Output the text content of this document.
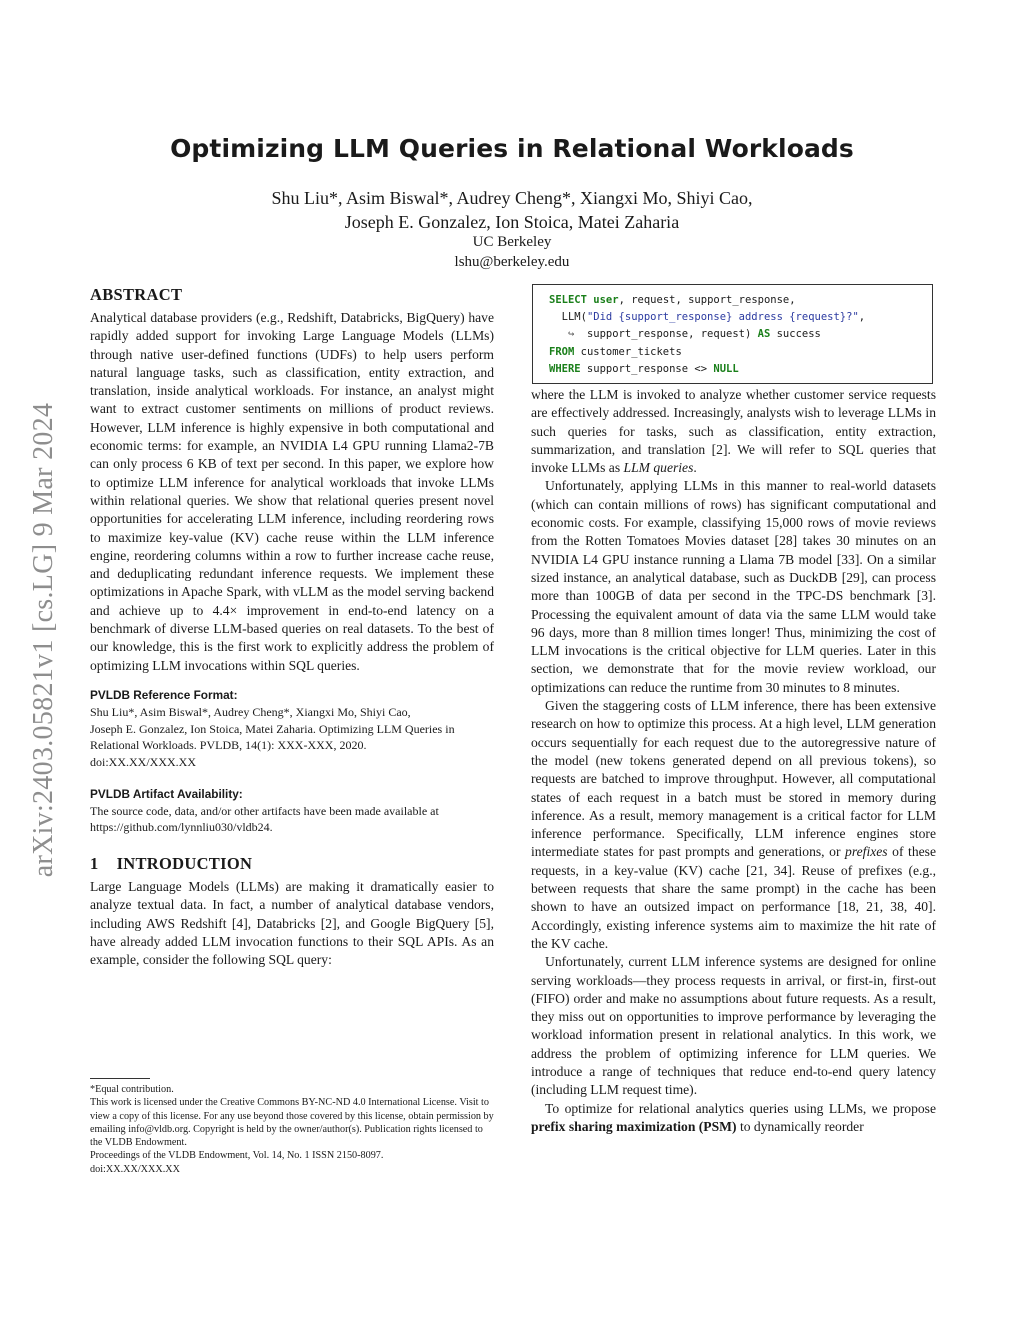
arXiv:2403.05821v1 [cs.LG] 9 Mar 2024
Optimizing LLM Queries in Relational Workloads
Shu Liu*, Asim Biswal*, Audrey Cheng*, Xiangxi Mo, Shiyi Cao,
Joseph E. Gonzalez, Ion Stoica, Matei Zaharia
UC Berkeley
lshu@berkeley.edu
ABSTRACT

Analytical database providers (e.g., Redshift, Databricks, BigQuery) have rapidly added support for invoking Large Language Models (LLMs) through native user-defined functions (UDFs) to help users perform natural language tasks, such as classification, entity extraction, and translation, inside analytical workloads. For instance, an analyst might want to extract customer sentiments on millions of product reviews. However, LLM inference is highly expensive in both computational and economic terms: for example, an NVIDIA L4 GPU running Llama2-7B can only process 6 KB of text per second. In this paper, we explore how to optimize LLM inference for analytical workloads that invoke LLMs within relational queries. We show that relational queries present novel opportunities for accelerating LLM inference, including reordering rows to maximize key-value (KV) cache reuse within the LLM inference engine, reordering columns within a row to further increase cache reuse, and deduplicating redundant inference requests. We implement these optimizations in Apache Spark, with vLLM as the model serving backend and achieve up to 4.4× improvement in end-to-end latency on a benchmark of diverse LLM-based queries on real datasets. To the best of our knowledge, this is the first work to explicitly address the problem of optimizing LLM invocations within SQL queries.

PVLDB Reference Format:

Shu Liu*, Asim Biswal*, Audrey Cheng*, Xiangxi Mo, Shiyi Cao,
Joseph E. Gonzalez, Ion Stoica, Matei Zaharia. Optimizing LLM Queries in
Relational Workloads. PVLDB, 14(1): XXX-XXX, 2020.
doi:XX.XX/XXX.XX

PVLDB Artifact Availability:

The source code, data, and/or other artifacts have been made available at
https://github.com/lynnliu030/vldb24.

1 INTRODUCTION

Large Language Models (LLMs) are making it dramatically easier to analyze textual data. In fact, a number of analytical database vendors, including AWS Redshift [4], Databricks [2], and Google BigQuery [5], have already added LLM invocation functions to their SQL APIs. As an example, consider the following SQL query:

*Equal contribution.
This work is licensed under the Creative Commons BY-NC-ND 4.0 International License. Visit to view a copy of this license. For any use beyond those covered by this license, obtain permission by emailing info@vldb.org. Copyright is held by the owner/author(s). Publication rights licensed to the VLDB Endowment.
Proceedings of the VLDB Endowment, Vol. 14, No. 1 ISSN 2150-8097.
doi:XX.XX/XXX.XX
SELECT user, request, support_response,
LLM("Did {support_response} address {request}?",
↪  support_response, request) AS success
FROM customer_tickets
WHERE support_response <> NULL

where the LLM is invoked to analyze whether customer service requests are effectively addressed. Increasingly, analysts wish to leverage LLMs in such queries for tasks, such as classification, entity extraction, summarization, and translation [2]. We will refer to SQL queries that invoke LLMs as LLM queries.

Unfortunately, applying LLMs in this manner to real-world datasets (which can contain millions of rows) has significant computational and economic costs. For example, classifying 15,000 rows of movie reviews from the Rotten Tomatoes Movies dataset [28] takes 30 minutes on an NVIDIA L4 GPU instance running a Llama 7B model [33]. On a similar sized instance, an analytical database, such as DuckDB [29], can process more than 100GB of data per second in the TPC-DS benchmark [3]. Processing the equivalent amount of data via the same LLM would take 96 days, more than 8 million times longer! Thus, minimizing the cost of LLM invocations is the critical objective for LLM queries. Later in this section, we demonstrate that for the movie review workload, our optimizations can reduce the runtime from 30 minutes to 8 minutes.

Given the staggering costs of LLM inference, there has been extensive research on how to optimize this process. At a high level, LLM generation occurs sequentially for each request due to the autoregressive nature of the model (new tokens generated depend on all previous tokens), so requests are batched to improve throughput. However, all computational states of each request in a batch must be stored in memory during inference. As a result, memory management is a critical factor for LLM inference performance. Specifically, LLM inference engines store intermediate states for past prompts and generations, or prefixes of these requests, in a key-value (KV) cache [21, 34]. Reuse of prefixes (e.g., between requests that share the same prompt) in the cache has been shown to have an outsized impact on performance [18, 21, 38, 40]. Accordingly, existing inference systems aim to maximize the hit rate of the KV cache.

Unfortunately, current LLM inference systems are designed for online serving workloads—they process requests in arrival, or first-in, first-out (FIFO) order and make no assumptions about future requests. As a result, they miss out on opportunities to improve performance by leveraging the workload information present in relational analytics. In this work, we address the problem of optimizing inference for LLM queries. We introduce a range of techniques that reduce end-to-end query latency (including LLM request time).

To optimize for relational analytics queries using LLMs, we propose prefix sharing maximization (PSM) to dynamically reorder
